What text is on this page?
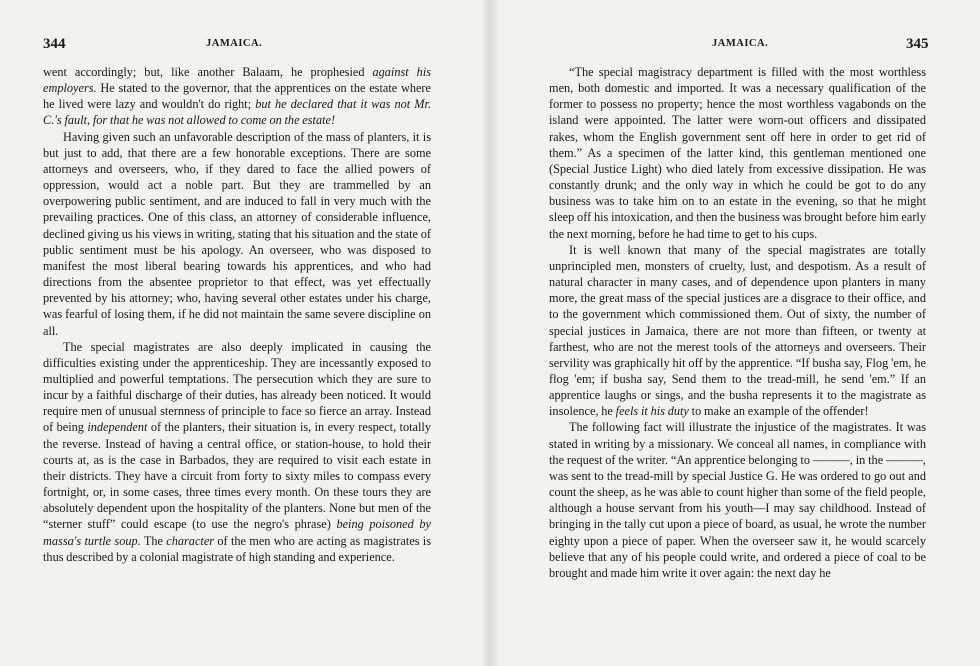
344	JAMAICA.

went accordingly; but, like another Balaam, he prophesied against his employers. He stated to the governor, that the apprentices on the estate where he lived were lazy and wouldn't do right; but he declared that it was not Mr. C.'s fault, for that he was not allowed to come on the estate!

Having given such an unfavorable description of the mass of planters, it is but just to add, that there are a few honorable exceptions. There are some attorneys and overseers, who, if they dared to face the allied powers of oppression, would act a noble part. But they are trammelled by an overpowering public sentiment, and are induced to fall in very much with the prevailing practices. One of this class, an attorney of considerable influence, declined giving us his views in writing, stating that his situation and the state of public sentiment must be his apology. An overseer, who was disposed to manifest the most liberal bearing towards his apprentices, and who had directions from the absentee proprietor to that effect, was yet effectually prevented by his attorney; who, having several other estates under his charge, was fearful of losing them, if he did not maintain the same severe discipline on all.

The special magistrates are also deeply implicated in causing the difficulties existing under the apprenticeship. They are incessantly exposed to multiplied and powerful temptations. The persecution which they are sure to incur by a faithful discharge of their duties, has already been noticed. It would require men of unusual sternness of principle to face so fierce an array. Instead of being independent of the planters, their situation is, in every respect, totally the reverse. Instead of having a central office, or station-house, to hold their courts at, as is the case in Barbados, they are required to visit each estate in their districts. They have a circuit from forty to sixty miles to compass every fortnight, or, in some cases, three times every month. On these tours they are absolutely dependent upon the hospitality of the planters. None but men of the “sterner stuff” could escape (to use the negro's phrase) being poisoned by massa's turtle soup. The character of the men who are acting as magistrates is thus described by a colonial magistrate of high standing and experience.

JAMAICA.	345

“The special magistracy department is filled with the most worthless men, both domestic and imported. It was a necessary qualification of the former to possess no property; hence the most worthless vagabonds on the island were appointed. The latter were worn-out officers and dissipated rakes, whom the English government sent off here in order to get rid of them.” As a specimen of the latter kind, this gentleman mentioned one (Special Justice Light) who died lately from excessive dissipation. He was constantly drunk; and the only way in which he could be got to do any business was to take him on to an estate in the evening, so that he might sleep off his intoxication, and then the business was brought before him early the next morning, before he had time to get to his cups.

It is well known that many of the special magistrates are totally unprincipled men, monsters of cruelty, lust, and despotism. As a result of natural character in many cases, and of dependence upon planters in many more, the great mass of the special justices are a disgrace to their office, and to the government which commissioned them. Out of sixty, the number of special justices in Jamaica, there are not more than fifteen, or twenty at farthest, who are not the merest tools of the attorneys and overseers. Their servility was graphically hit off by the apprentice. “If busha say, Flog 'em, he flog 'em; if busha say, Send them to the tread-mill, he send 'em.” If an apprentice laughs or sings, and the busha represents it to the magistrate as insolence, he feels it his duty to make an example of the offender!

The following fact will illustrate the injustice of the magistrates. It was stated in writing by a missionary. We conceal all names, in compliance with the request of the writer. “An apprentice belonging to ———, in the ———, was sent to the tread-mill by special Justice G. He was ordered to go out and count the sheep, as he was able to count higher than some of the field people, although a house servant from his youth—I may say childhood. Instead of bringing in the tally cut upon a piece of board, as usual, he wrote the number eighty upon a piece of paper. When the overseer saw it, he would scarcely believe that any of his people could write, and ordered a piece of coal to be brought and made him write it over again: the next day he
